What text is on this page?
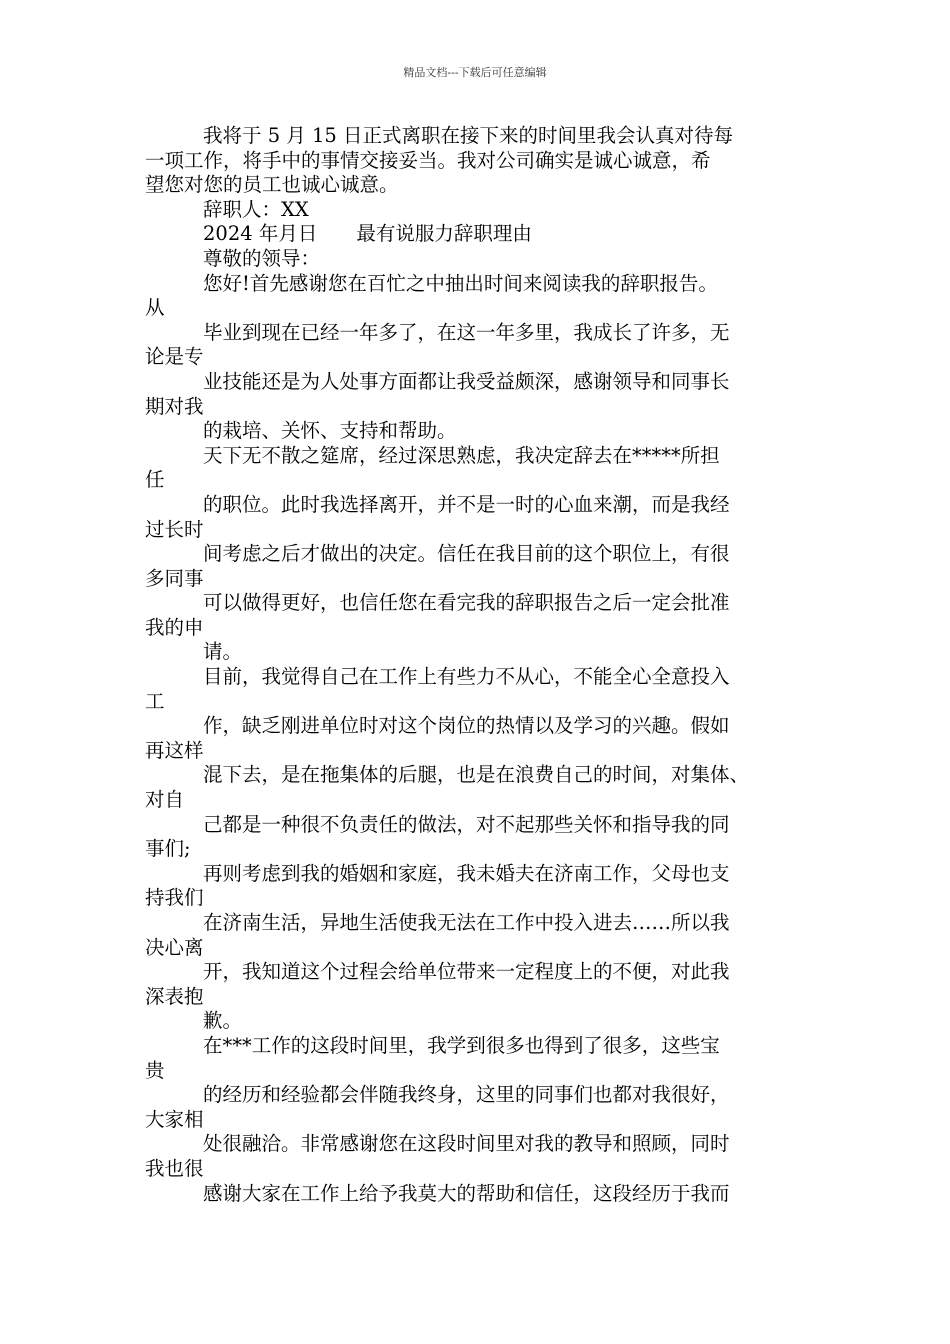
精品文档---下载后可任意编辑
我将于 5 月 15 日正式离职在接下来的时间里我会认真对待每
一项工作，将手中的事情交接妥当。我对公司确实是诚心诚意，希
望您对您的员工也诚心诚意。
辞职人：XX
2024 年月日　　最有说服力辞职理由
尊敬的领导：
您好!首先感谢您在百忙之中抽出时间来阅读我的辞职报告。
从
毕业到现在已经一年多了，在这一年多里，我成长了许多，无
论是专
业技能还是为人处事方面都让我受益颇深，感谢领导和同事长
期对我
的栽培、关怀、支持和帮助。
天下无不散之筵席，经过深思熟虑，我决定辞去在*****所担
任
的职位。此时我选择离开，并不是一时的心血来潮，而是我经
过长时
间考虑之后才做出的决定。信任在我目前的这个职位上，有很
多同事
可以做得更好，也信任您在看完我的辞职报告之后一定会批准
我的申
请。
目前，我觉得自己在工作上有些力不从心，不能全心全意投入
工
作，缺乏刚进单位时对这个岗位的热情以及学习的兴趣。假如
再这样
混下去，是在拖集体的后腿，也是在浪费自己的时间，对集体、
对自
己都是一种很不负责任的做法，对不起那些关怀和指导我的同
事们;
再则考虑到我的婚姻和家庭，我未婚夫在济南工作，父母也支
持我们
在济南生活，异地生活使我无法在工作中投入进去……所以我
决心离
开，我知道这个过程会给单位带来一定程度上的不便，对此我
深表抱
歉。
在***工作的这段时间里，我学到很多也得到了很多，这些宝
贵
的经历和经验都会伴随我终身，这里的同事们也都对我很好，
大家相
处很融洽。非常感谢您在这段时间里对我的教导和照顾，同时
我也很
感谢大家在工作上给予我莫大的帮助和信任，这段经历于我而
